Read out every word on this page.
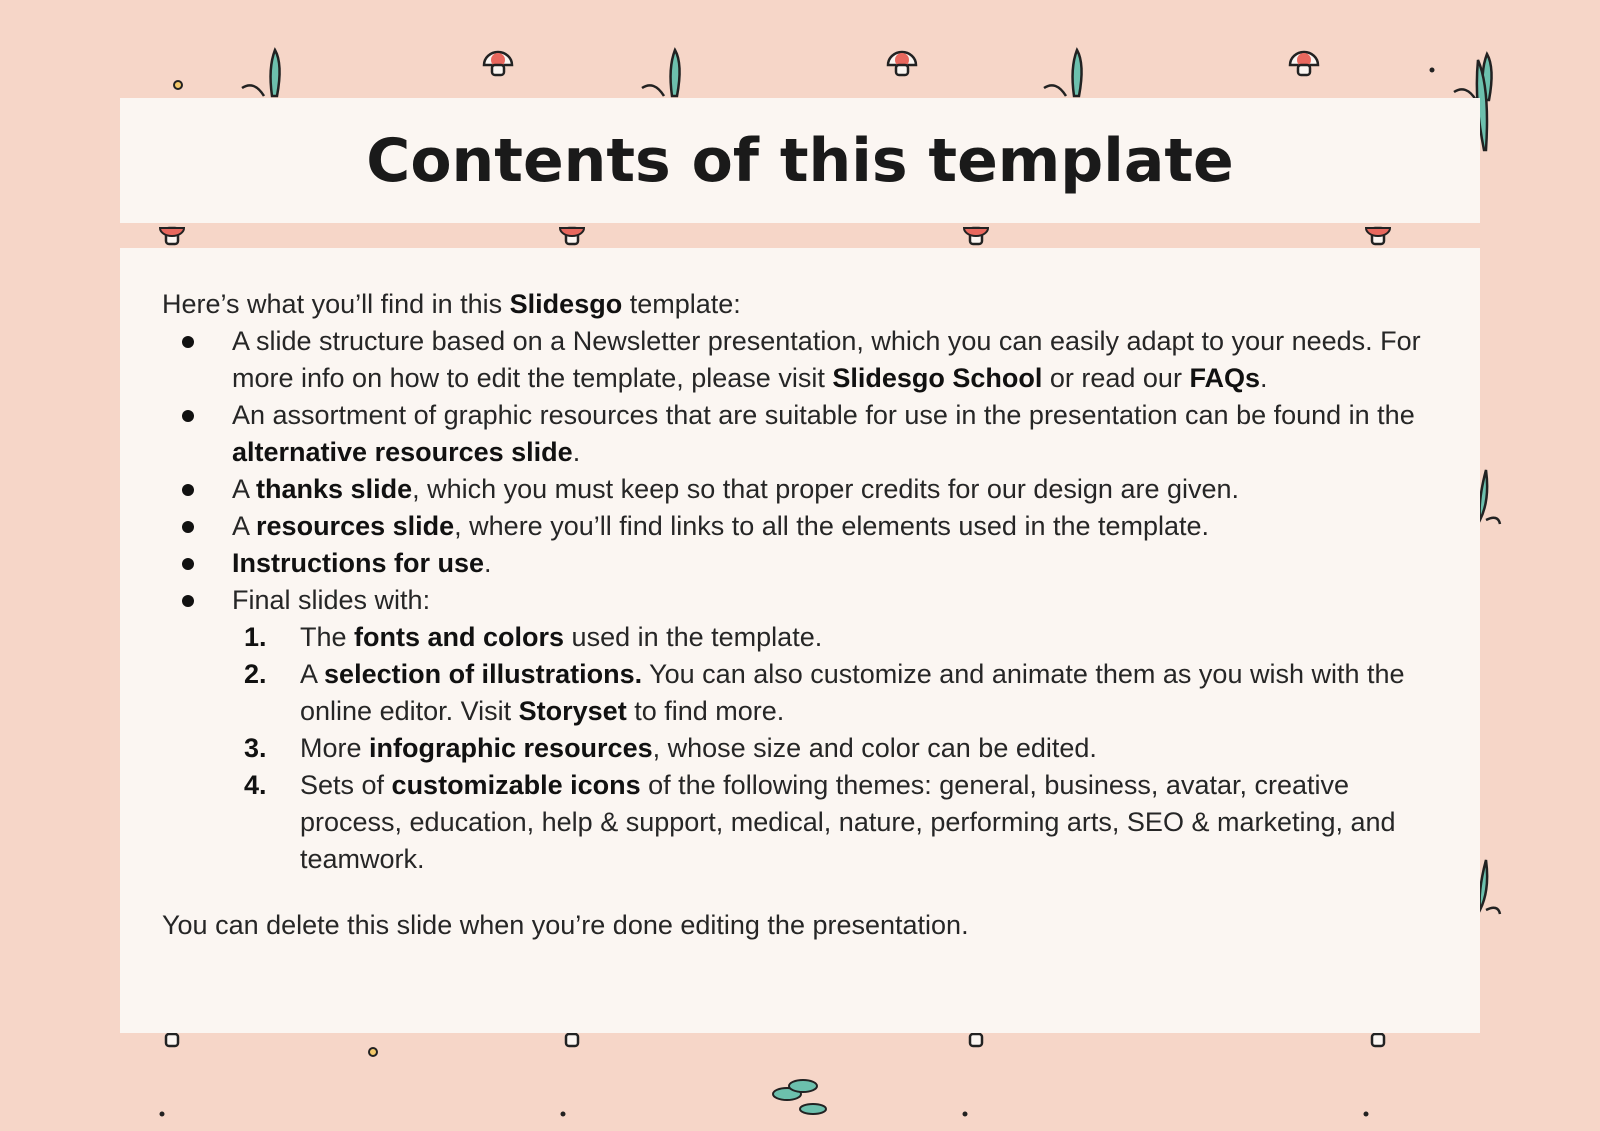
Contents of this template

Here’s what you’ll find in this Slidesgo template:

A slide structure based on a Newsletter presentation, which you can easily adapt to your needs. For more info on how to edit the template, please visit Slidesgo School or read our FAQs.
An assortment of graphic resources that are suitable for use in the presentation can be found in the alternative resources slide.
A thanks slide, which you must keep so that proper credits for our design are given.
A resources slide, where you’ll find links to all the elements used in the template.
Instructions for use.
Final slides with:
1. The fonts and colors used in the template.
2. A selection of illustrations. You can also customize and animate them as you wish with the online editor. Visit Storyset to find more.
3. More infographic resources, whose size and color can be edited.
4. Sets of customizable icons of the following themes: general, business, avatar, creative process, education, help & support, medical, nature, performing arts, SEO & marketing, and teamwork.

You can delete this slide when you’re done editing the presentation.
